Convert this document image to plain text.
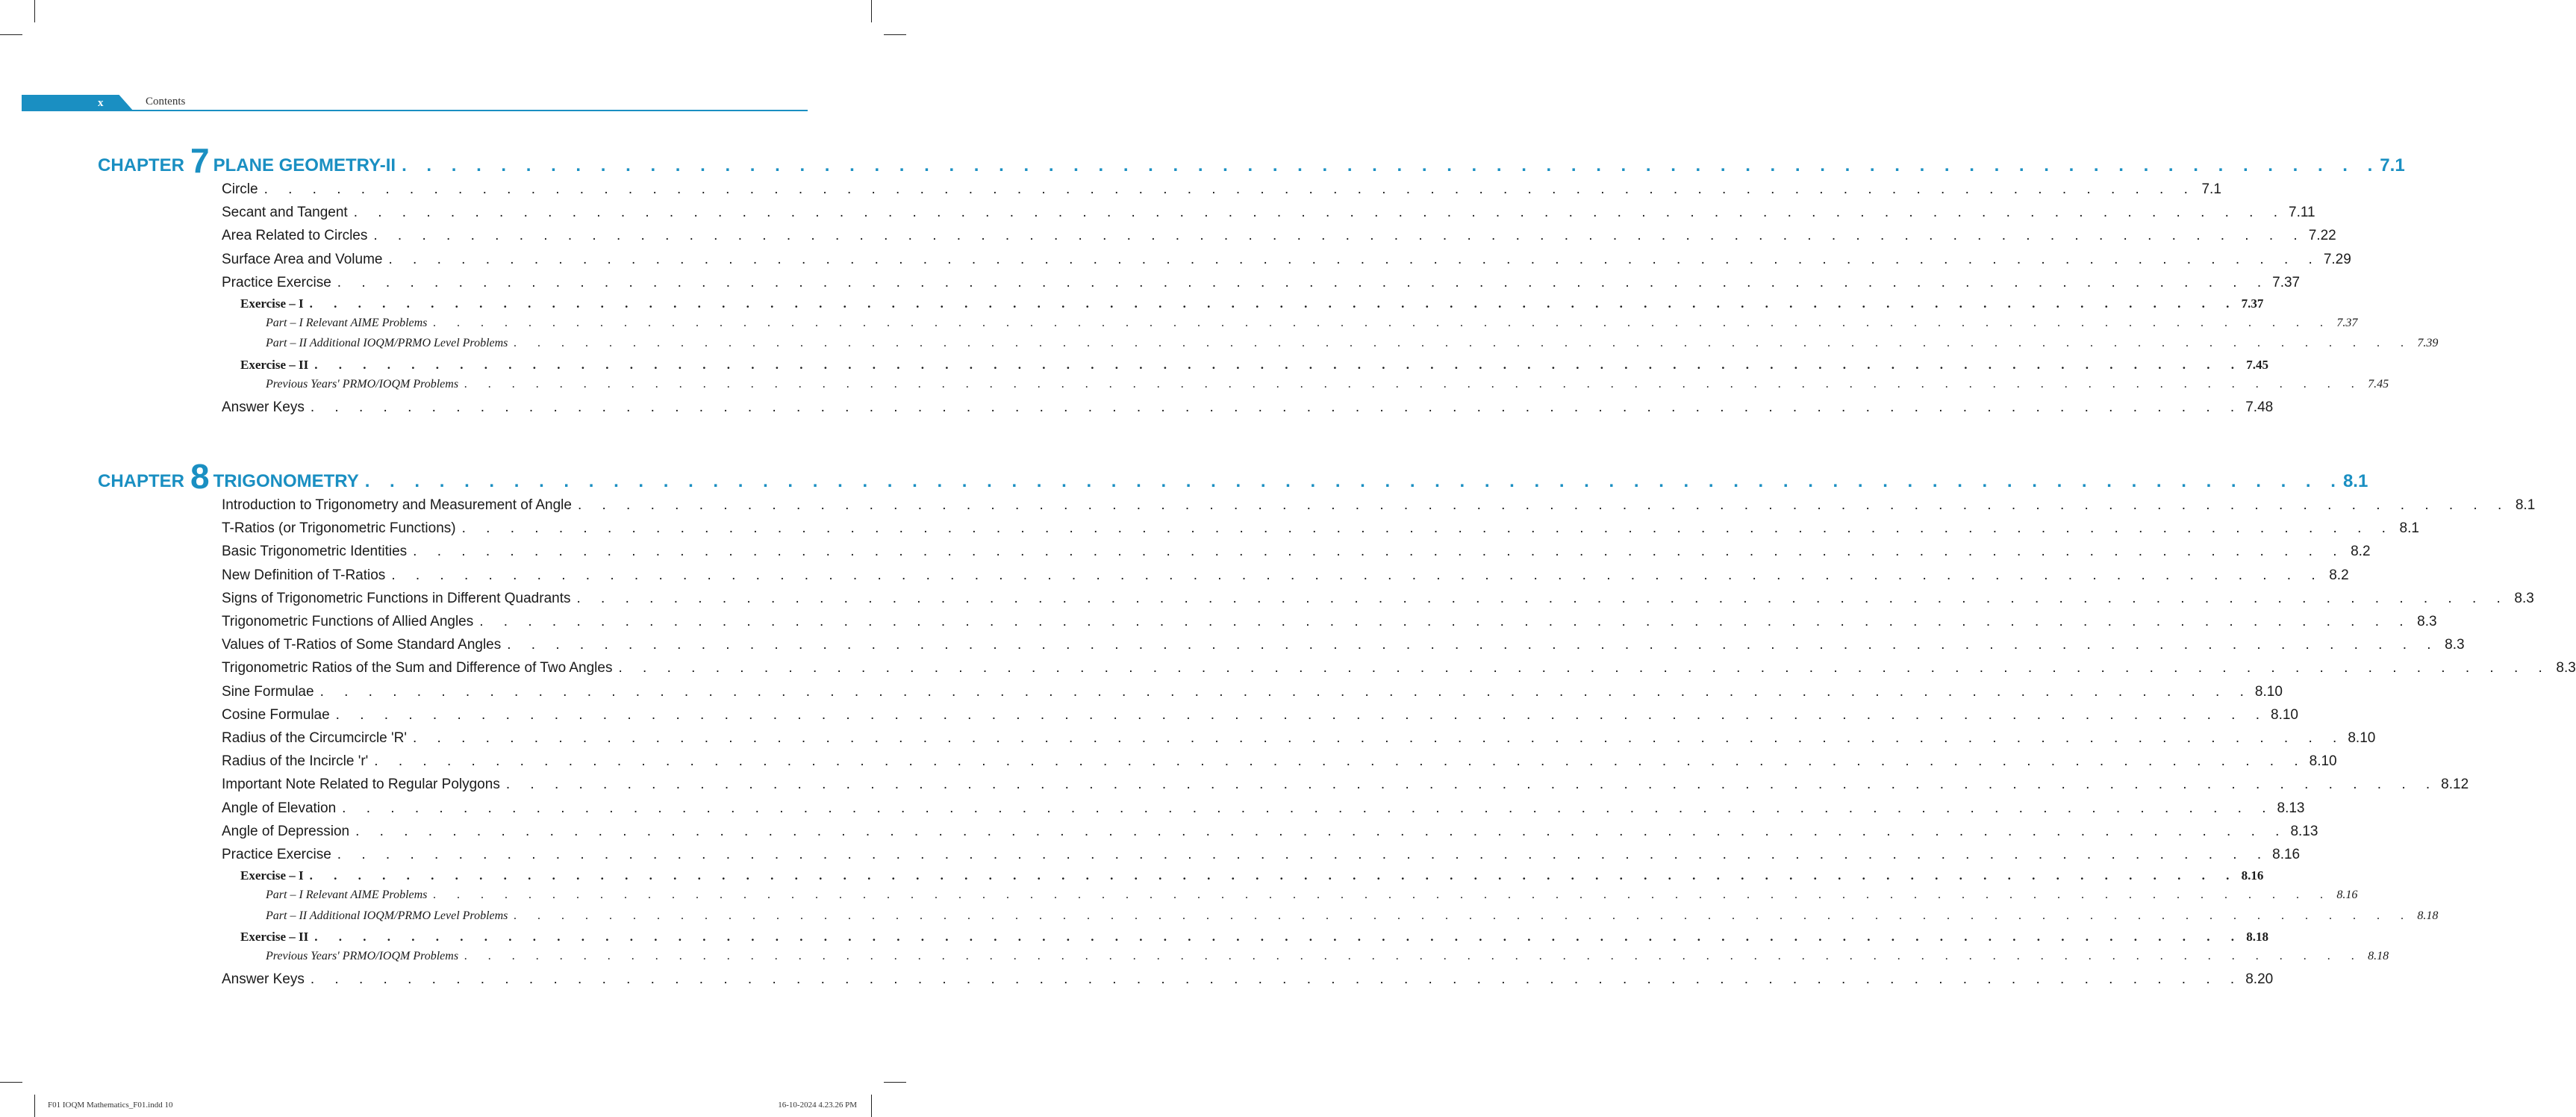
x	Contents
CHAPTER 7 PLANE GEOMETRY-II . . . . . . . . . . . . . . . . . . . . . . . . . . . . . . . . . . . . . . . . . . . . . . . . . . . . . . . . . . . . . . . . . . . . . . . . . . . . . . . . 7.1
Circle . . . . . . . . . . . . . . . . . . . . . . . . . . . . . . . . . . . . . . . . . . . . . . . . . . . . . . . . . . . . . . . . . . . . . . . . . . . . . . . . 7.1
Secant and Tangent . . . . . . . . . . . . . . . . . . . . . . . . . . . . . . . . . . . . . . . . . . . . . . . . . . . . . . . . . . . . . . . . . . . . . . . . . . . . . . . . 7.11
Area Related to Circles . . . . . . . . . . . . . . . . . . . . . . . . . . . . . . . . . . . . . . . . . . . . . . . . . . . . . . . . . . . . . . . . . . . . . . . . . . . . . . . . 7.22
Surface Area and Volume . . . . . . . . . . . . . . . . . . . . . . . . . . . . . . . . . . . . . . . . . . . . . . . . . . . . . . . . . . . . . . . . . . . . . . . . . . . . . . . . 7.29
Practice Exercise . . . . . . . . . . . . . . . . . . . . . . . . . . . . . . . . . . . . . . . . . . . . . . . . . . . . . . . . . . . . . . . . . . . . . . . . . . . . . . . . 7.37
Exercise – I . . . . . . . . . . . . . . . . . . . . . . . . . . . . . . . . . . . . . . . . . . . . . . . . . . . . . . . . . . . . . . . . . . . . . . . . . . . . . . . . 7.37
Part – I Relevant AIME Problems . . . . . . . . . . . . . . . . . . . . . . . . . . . . . . . . . . . . . . . . . . . . . . . . . . . . . . . . . . . . . . . . . . . . . . . . . . . . . . . . 7.37
Part – II Additional IOQM/PRMO Level Problems . . . . . . . . . . . . . . . . . . . . . . . . . . . . . . . . . . . . . . . . . . . . . . . . . . . . . . . . . . . . . . . . . . . . . . . . . . . . . . . . 7.39
Exercise – II . . . . . . . . . . . . . . . . . . . . . . . . . . . . . . . . . . . . . . . . . . . . . . . . . . . . . . . . . . . . . . . . . . . . . . . . . . . . . . . . 7.45
Previous Years' PRMO/IOQM Problems . . . . . . . . . . . . . . . . . . . . . . . . . . . . . . . . . . . . . . . . . . . . . . . . . . . . . . . . . . . . . . . . . . . . . . . . . . . . . . . . 7.45
Answer Keys . . . . . . . . . . . . . . . . . . . . . . . . . . . . . . . . . . . . . . . . . . . . . . . . . . . . . . . . . . . . . . . . . . . . . . . . . . . . . . . . 7.48
CHAPTER 8 TRIGONOMETRY . . . . . . . . . . . . . . . . . . . . . . . . . . . . . . . . . . . . . . . . . . . . . . . . . . . . . . . . . . . . . . . . . . . . . . . . . . . . . . . . 8.1
Introduction to Trigonometry and Measurement of Angle . . . . . . . . . . . . . . . . . . . . . . . . . . . . . . . . . . . . . . . . . . . . . . . . . . . . . . . . . . . . . . . . . . . . . . . . . . . . . . . . 8.1
T-Ratios (or Trigonometric Functions) . . . . . . . . . . . . . . . . . . . . . . . . . . . . . . . . . . . . . . . . . . . . . . . . . . . . . . . . . . . . . . . . . . . . . . . . . . . . . . . . 8.1
Basic Trigonometric Identities . . . . . . . . . . . . . . . . . . . . . . . . . . . . . . . . . . . . . . . . . . . . . . . . . . . . . . . . . . . . . . . . . . . . . . . . . . . . . . . . 8.2
New Definition of T-Ratios . . . . . . . . . . . . . . . . . . . . . . . . . . . . . . . . . . . . . . . . . . . . . . . . . . . . . . . . . . . . . . . . . . . . . . . . . . . . . . . . 8.2
Signs of Trigonometric Functions in Different Quadrants . . . . . . . . . . . . . . . . . . . . . . . . . . . . . . . . . . . . . . . . . . . . . . . . . . . . . . . . . . . . . . . . . . . . . . . . . . . . . . . . 8.3
Trigonometric Functions of Allied Angles . . . . . . . . . . . . . . . . . . . . . . . . . . . . . . . . . . . . . . . . . . . . . . . . . . . . . . . . . . . . . . . . . . . . . . . . . . . . . . . . 8.3
Values of T-Ratios of Some Standard Angles . . . . . . . . . . . . . . . . . . . . . . . . . . . . . . . . . . . . . . . . . . . . . . . . . . . . . . . . . . . . . . . . . . . . . . . . . . . . . . . . 8.3
Trigonometric Ratios of the Sum and Difference of Two Angles . . . . . . . . . . . . . . . . . . . . . . . . . . . . . . . . . . . . . . . . . . . . . . . . . . . . . . . . . . . . . . . . . . . . . . . . . . . . . . . . 8.3
Sine Formulae . . . . . . . . . . . . . . . . . . . . . . . . . . . . . . . . . . . . . . . . . . . . . . . . . . . . . . . . . . . . . . . . . . . . . . . . . . . . . . . . 8.10
Cosine Formulae . . . . . . . . . . . . . . . . . . . . . . . . . . . . . . . . . . . . . . . . . . . . . . . . . . . . . . . . . . . . . . . . . . . . . . . . . . . . . . . . 8.10
Radius of the Circumcircle 'R' . . . . . . . . . . . . . . . . . . . . . . . . . . . . . . . . . . . . . . . . . . . . . . . . . . . . . . . . . . . . . . . . . . . . . . . . . . . . . . . . 8.10
Radius of the Incircle 'r' . . . . . . . . . . . . . . . . . . . . . . . . . . . . . . . . . . . . . . . . . . . . . . . . . . . . . . . . . . . . . . . . . . . . . . . . . . . . . . . . 8.10
Important Note Related to Regular Polygons . . . . . . . . . . . . . . . . . . . . . . . . . . . . . . . . . . . . . . . . . . . . . . . . . . . . . . . . . . . . . . . . . . . . . . . . . . . . . . . . 8.12
Angle of Elevation . . . . . . . . . . . . . . . . . . . . . . . . . . . . . . . . . . . . . . . . . . . . . . . . . . . . . . . . . . . . . . . . . . . . . . . . . . . . . . . . 8.13
Angle of Depression . . . . . . . . . . . . . . . . . . . . . . . . . . . . . . . . . . . . . . . . . . . . . . . . . . . . . . . . . . . . . . . . . . . . . . . . . . . . . . . . 8.13
Practice Exercise . . . . . . . . . . . . . . . . . . . . . . . . . . . . . . . . . . . . . . . . . . . . . . . . . . . . . . . . . . . . . . . . . . . . . . . . . . . . . . . . 8.16
Exercise – I . . . . . . . . . . . . . . . . . . . . . . . . . . . . . . . . . . . . . . . . . . . . . . . . . . . . . . . . . . . . . . . . . . . . . . . . . . . . . . . . 8.16
Part – I Relevant AIME Problems . . . . . . . . . . . . . . . . . . . . . . . . . . . . . . . . . . . . . . . . . . . . . . . . . . . . . . . . . . . . . . . . . . . . . . . . . . . . . . . . 8.16
Part – II Additional IOQM/PRMO Level Problems . . . . . . . . . . . . . . . . . . . . . . . . . . . . . . . . . . . . . . . . . . . . . . . . . . . . . . . . . . . . . . . . . . . . . . . . . . . . . . . . 8.18
Exercise – II . . . . . . . . . . . . . . . . . . . . . . . . . . . . . . . . . . . . . . . . . . . . . . . . . . . . . . . . . . . . . . . . . . . . . . . . . . . . . . . . 8.18
Previous Years' PRMO/IOQM Problems . . . . . . . . . . . . . . . . . . . . . . . . . . . . . . . . . . . . . . . . . . . . . . . . . . . . . . . . . . . . . . . . . . . . . . . . . . . . . . . . 8.18
Answer Keys . . . . . . . . . . . . . . . . . . . . . . . . . . . . . . . . . . . . . . . . . . . . . . . . . . . . . . . . . . . . . . . . . . . . . . . . . . . . . . . . 8.20
F01 IOQM Mathematics_F01.indd 10	16-10-2024 4.23.26 PM
